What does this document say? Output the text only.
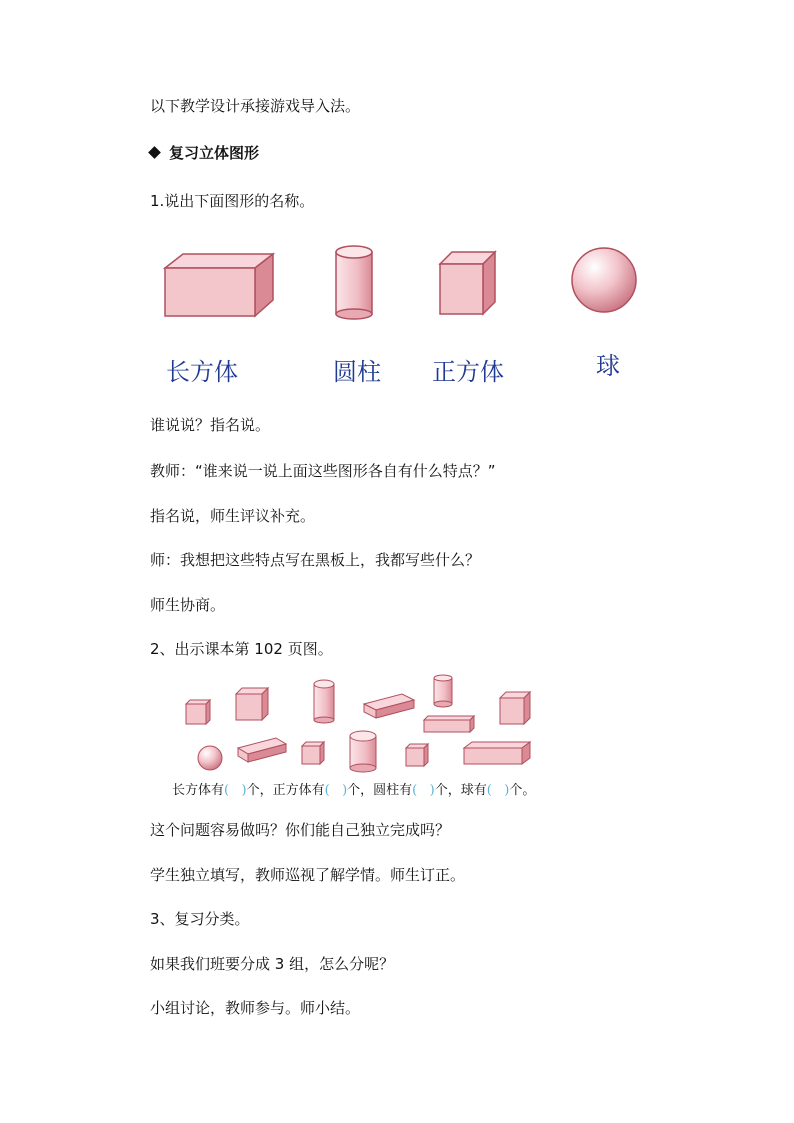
以下教学设计承接游戏导入法。
复习立体图形
1.说出下面图形的名称。
长方体	圆柱 正方体	球
谁说说？指名说。
教师：“谁来说一说上面这些图形各自有什么特点？”
指名说，师生评议补充。
师：我想把这些特点写在黑板上，我都写些什么？
师生协商。
2、出示课本第 102 页图。
长方体有( )个，正方体有( )个，圆柱有( )个，球有( )个。
这个问题容易做吗？你们能自己独立完成吗？
学生独立填写，教师巡视了解学情。师生订正。
3、复习分类。
如果我们班要分成 3 组，怎么分呢？
小组讨论，教师参与。师小结。
